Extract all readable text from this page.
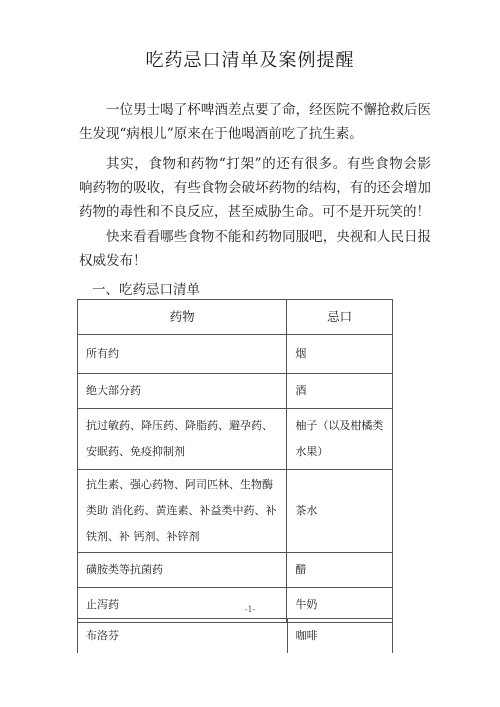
吃药忌口清单及案例提醒

一位男士喝了杯啤酒差点要了命，经医院不懈抢救后医 生发现“病根儿”原来在于他喝酒前吃了抗生素。

其实，食物和药物“打架”的还有很多。有些食物会影 响药物的吸收，有些食物会破坏药物的结构，有的还会增加 药物的毒性和不良反应，甚至威胁生命。可不是开玩笑的！

快来看看哪些食物不能和药物同服吧，央视和人民日报 权威发布！

一、吃药忌口清单
药物	忌口
所有约	烟
绝大部分药	酒
抗过敏药、降压药、降脂药、避孕药、安眠药、免疫抑制剂	柚子（以及柑橘类水果）
抗生素、强心药物、阿司匹林、生物酶类助 消化药、黄连素、补益类中药、补铁剂、补 钙剂、补锌剂	茶水
磺胺类等抗菌药	醋
止泻药	牛奶
-1-
布洛芬	咖啡
